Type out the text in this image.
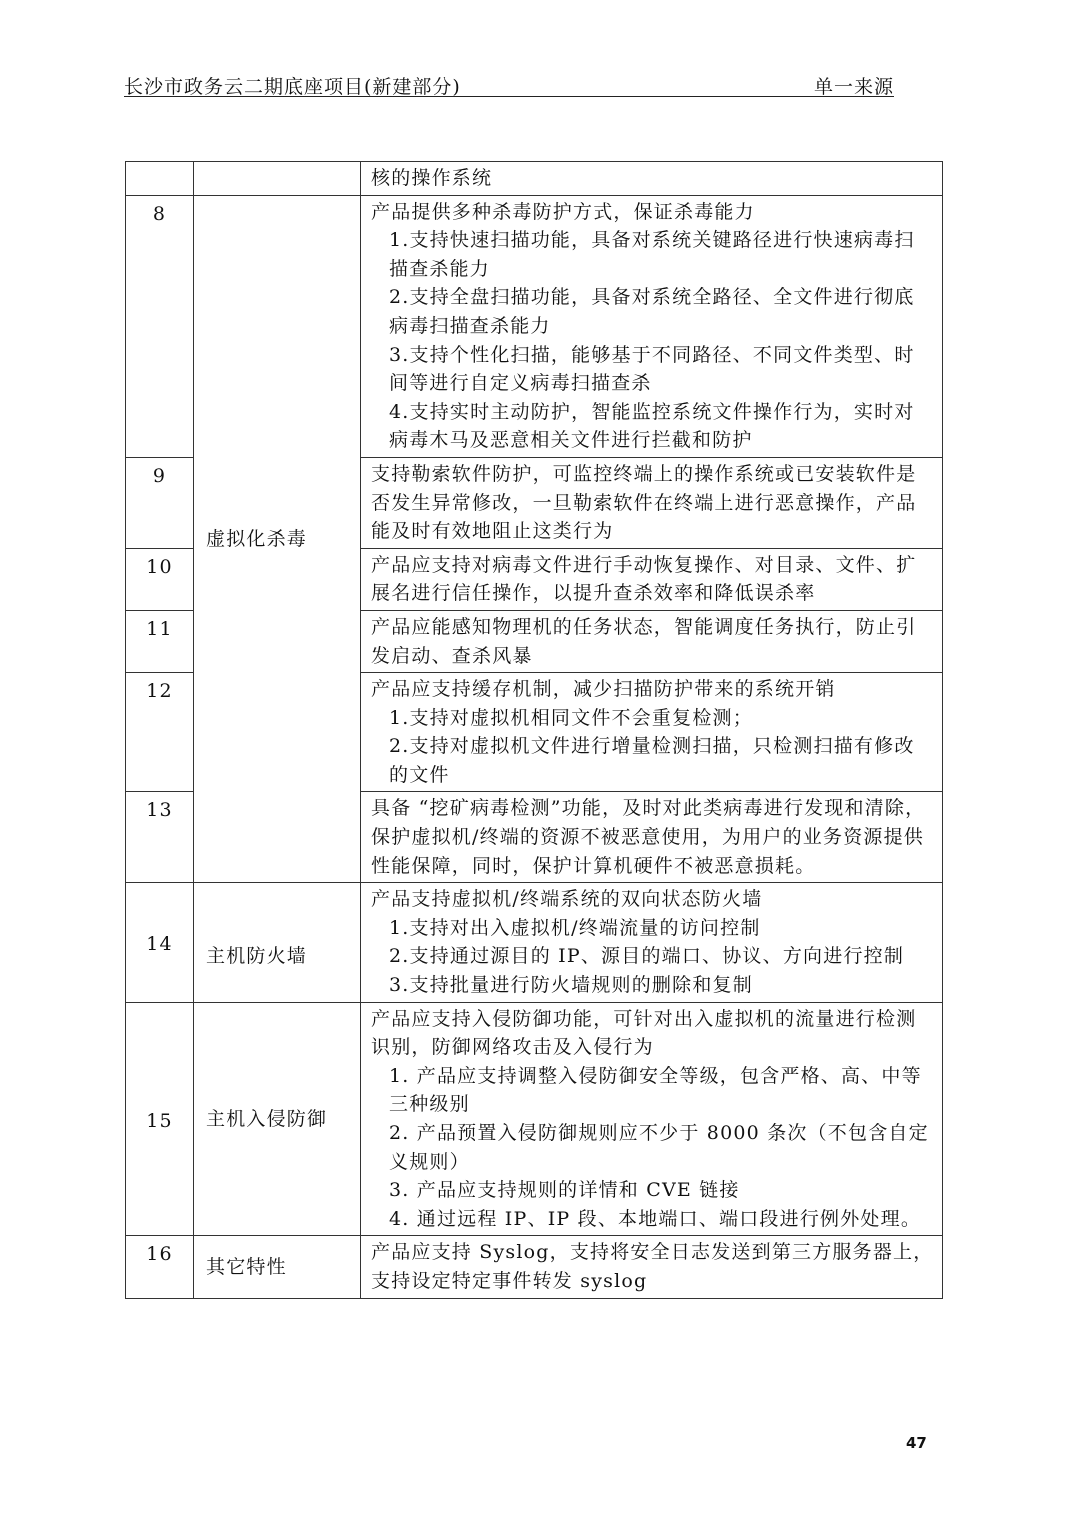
长沙市政务云二期底座项目(新建部分)	单一来源

		核的操作系统

8	虚拟化杀毒	产品提供多种杀毒防护方式，保证杀毒能力
1.支持快速扫描功能，具备对系统关键路径进行快速病毒扫描查杀能力
2.支持全盘扫描功能，具备对系统全路径、全文件进行彻底病毒扫描查杀能力
3.支持个性化扫描，能够基于不同路径、不同文件类型、时间等进行自定义病毒扫描查杀
4.支持实时主动防护，智能监控系统文件操作行为，实时对病毒木马及恶意相关文件进行拦截和防护

9		支持勒索软件防护，可监控终端上的操作系统或已安装软件是否发生异常修改，一旦勒索软件在终端上进行恶意操作，产品能及时有效地阻止这类行为

10		产品应支持对病毒文件进行手动恢复操作、对目录、文件、扩展名进行信任操作，以提升查杀效率和降低误杀率

11		产品应能感知物理机的任务状态，智能调度任务执行，防止引发启动、查杀风暴

12		产品应支持缓存机制，减少扫描防护带来的系统开销
1.支持对虚拟机相同文件不会重复检测；
2.支持对虚拟机文件进行增量检测扫描，只检测扫描有修改的文件

13		具备 “挖矿病毒检测”功能，及时对此类病毒进行发现和清除，保护虚拟机/终端的资源不被恶意使用，为用户的业务资源提供性能保障，同时，保护计算机硬件不被恶意损耗。

14	主机防火墙	产品支持虚拟机/终端系统的双向状态防火墙
1.支持对出入虚拟机/终端流量的访问控制
2.支持通过源目的 IP、源目的端口、协议、方向进行控制
3.支持批量进行防火墙规则的删除和复制

15	主机入侵防御	产品应支持入侵防御功能，可针对出入虚拟机的流量进行检测识别，防御网络攻击及入侵行为
1. 产品应支持调整入侵防御安全等级，包含严格、高、中等三种级别
2. 产品预置入侵防御规则应不少于 8000 条次（不包含自定义规则）
3. 产品应支持规则的详情和 CVE 链接
4. 通过远程 IP、IP 段、本地端口、端口段进行例外处理。

16	其它特性	产品应支持 Syslog，支持将安全日志发送到第三方服务器上，支持设定特定事件转发 syslog
47
